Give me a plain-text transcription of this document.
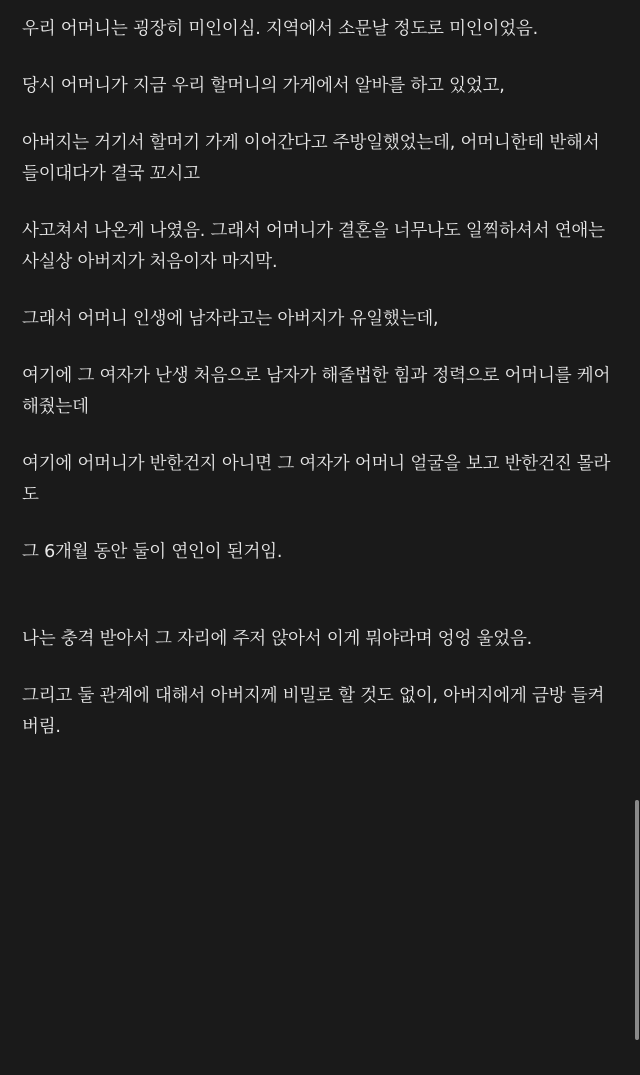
우리 어머니는 굉장히 미인이심. 지역에서 소문날 정도로 미인이었음.

당시 어머니가 지금 우리 할머니의 가게에서 알바를 하고 있었고,

아버지는 거기서 할머기 가게 이어간다고 주방일했었는데, 어머니한테 반해서 들이대다가 결국 꼬시고

사고쳐서 나온게 나였음. 그래서 어머니가 결혼을 너무나도 일찍하셔서 연애는 사실상 아버지가 처음이자 마지막.

그래서 어머니 인생에 남자라고는 아버지가 유일했는데,

여기에 그 여자가 난생 처음으로 남자가 해줄법한 힘과 정력으로 어머니를 케어해줬는데

여기에 어머니가 반한건지 아니면 그 여자가 어머니 얼굴을 보고 반한건진 몰라도

그 6개월 동안 둘이 연인이 된거임.

나는 충격 받아서 그 자리에 주저 앉아서 이게 뭐야라며 엉엉 울었음.

그리고 둘 관계에 대해서 아버지께 비밀로 할 것도 없이, 아버지에게 금방 들켜버림.
